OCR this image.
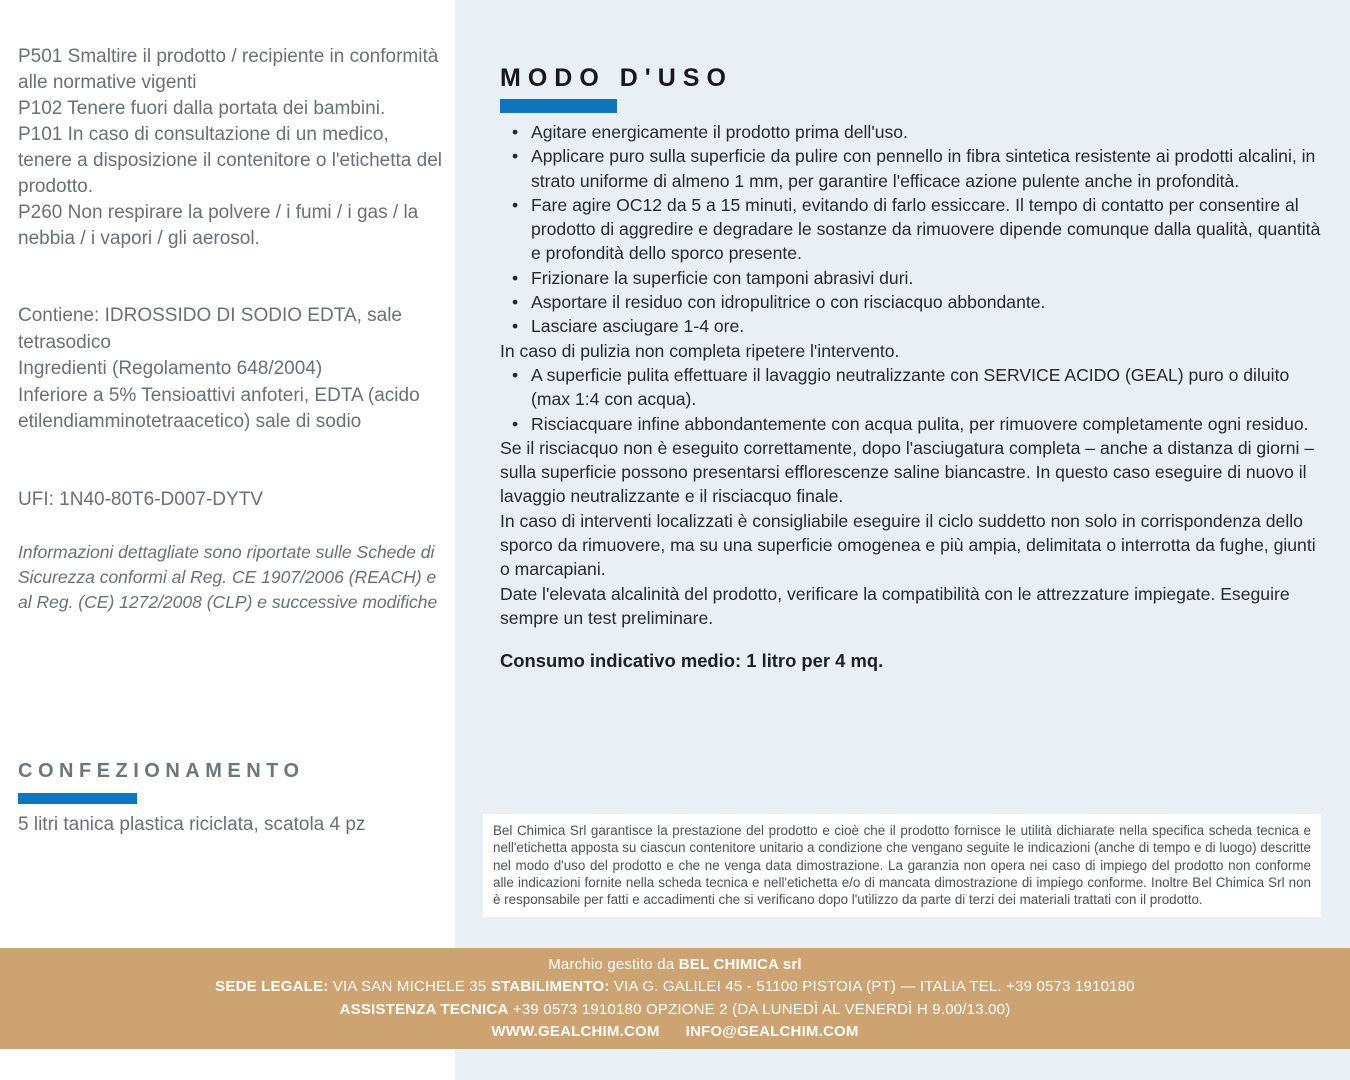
P501 Smaltire il prodotto / recipiente in conformità alle normative vigenti

P102 Tenere fuori dalla portata dei bambini.

P101 In caso di consultazione di un medico, tenere a disposizione il contenitore o l'etichetta del prodotto.

P260 Non respirare la polvere / i fumi / i gas / la nebbia / i vapori / gli aerosol.

Contiene: IDROSSIDO DI SODIO EDTA, sale tetrasodico

Ingredienti (Regolamento 648/2004)

Inferiore a 5% Tensioattivi anfoteri, EDTA (acido etilendiamminotetraacetico) sale di sodio

UFI: 1N40-80T6-D007-DYTV

Informazioni dettagliate sono riportate sulle Schede di Sicurezza conformi al Reg. CE 1907/2006 (REACH) e al Reg. (CE) 1272/2008 (CLP) e successive modifiche

CONFEZIONAMENTO

5 litri tanica plastica riciclata, scatola 4 pz

MODO D'USO
• Agitare energicamente il prodotto prima dell'uso.
• Applicare puro sulla superficie da pulire con pennello in fibra sintetica resistente ai prodotti alcalini, in strato uniforme di almeno 1 mm, per garantire l'efficace azione pulente anche in profondità.
• Fare agire OC12 da 5 a 15 minuti, evitando di farlo essiccare. Il tempo di contatto per consentire al prodotto di aggredire e degradare le sostanze da rimuovere dipende comunque dalla qualità, quantità e profondità dello sporco presente.
• Frizionare la superficie con tamponi abrasivi duri.
• Asportare il residuo con idropulitrice o con risciacquo abbondante.
• Lasciare asciugare 1-4 ore.

In caso di pulizia non completa ripetere l'intervento.

• A superficie pulita effettuare il lavaggio neutralizzante con SERVICE ACIDO (GEAL) puro o diluito (max 1:4 con acqua).
• Risciacquare infine abbondantemente con acqua pulita, per rimuovere completamente ogni residuo.

Se il risciacquo non è eseguito correttamente, dopo l'asciugatura completa – anche a distanza di giorni – sulla superficie possono presentarsi efflorescenze saline biancastre. In questo caso eseguire di nuovo il lavaggio neutralizzante e il risciacquo finale.

In caso di interventi localizzati è consigliabile eseguire il ciclo suddetto non solo in corrispondenza dello sporco da rimuovere, ma su una superficie omogenea e più ampia, delimitata o interrotta da fughe, giunti o marcapiani.

Date l'elevata alcalinità del prodotto, verificare la compatibilità con le attrezzature impiegate. Eseguire sempre un test preliminare.

Consumo indicativo medio: 1 litro per 4 mq.

Bel Chimica Srl garantisce la prestazione del prodotto e cioè che il prodotto fornisce le utilità dichiarate nella specifica scheda tecnica e nell'etichetta apposta su ciascun contenitore unitario a condizione che vengano seguite le indicazioni (anche di tempo e di luogo) descritte nel modo d'uso del prodotto e che ne venga data dimostrazione. La garanzia non opera nei caso di impiego del prodotto non conforme alle indicazioni fornite nella scheda tecnica e nell'etichetta e/o di mancata dimostrazione di impiego conforme. Inoltre Bel Chimica Srl non è responsabile per fatti e accadimenti che si verificano dopo l'utilizzo da parte di terzi dei materiali trattati con il prodotto.
Marchio gestito da BEL CHIMICA srl
SEDE LEGALE: VIA SAN MICHELE 35 STABILIMENTO: VIA G. GALILEI 45 - 51100 PISTOIA (PT) — ITALIA TEL. +39 0573 1910180
ASSISTENZA TECNICA +39 0573 1910180 OPZIONE 2 (DA LUNEDÌ AL VENERDÌ H 9.00/13.00)
WWW.GEALCHIM.COM INFO@GEALCHIM.COM
